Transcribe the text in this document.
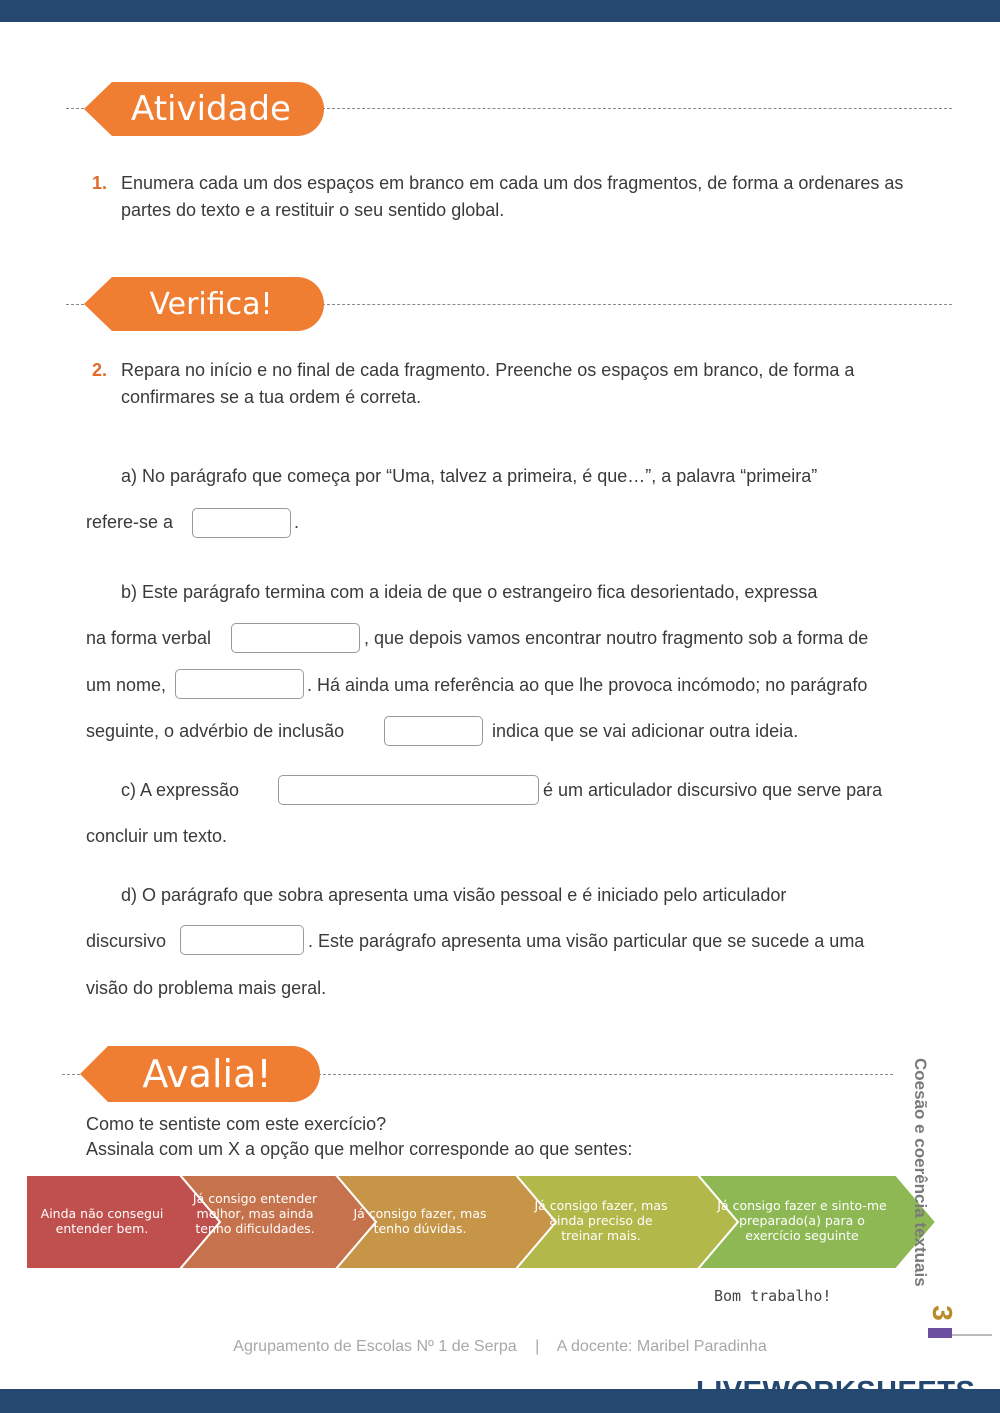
Atividade
1. Enumera cada um dos espaços em branco em cada um dos fragmentos, de forma a ordenares as partes do texto e a restituir o seu sentido global.
Verifica!
2. Repara no início e no final de cada fragmento. Preenche os espaços em branco, de forma a confirmares se a tua ordem é correta.
a) No parágrafo que começa por “Uma, talvez a primeira, é que…”, a palavra “primeira”
refere-se a	.
b) Este parágrafo termina com a ideia de que o estrangeiro fica desorientado, expressa
na forma verbal	, que depois vamos encontrar noutro fragmento sob a forma de
um nome,	. Há ainda uma referência ao que lhe provoca incómodo; no parágrafo
seguinte, o advérbio de inclusão	indica que se vai adicionar outra ideia.
c) A expressão	é um articulador discursivo que serve para
concluir um texto.
d) O parágrafo que sobra apresenta uma visão pessoal e é iniciado pelo articulador
discursivo	. Este parágrafo apresenta uma visão particular que se sucede a uma
visão do problema mais geral.
Avalia!
Como te sentiste com este exercício?
Assinala com um X a opção que melhor corresponde ao que sentes:
Ainda não consegui entender bem.
Já consigo entender melhor, mas ainda tenho dificuldades.
Já consigo fazer, mas tenho dúvidas.
Já consigo fazer, mas ainda preciso de treinar mais.
Já consigo fazer e sinto-me preparado(a) para o exercício seguinte
Bom trabalho!
Coesão e coerência textuais
3
Agrupamento de Escolas Nº 1 de Serpa | A docente: Maribel Paradinha
LIVEWORKSHEETS
